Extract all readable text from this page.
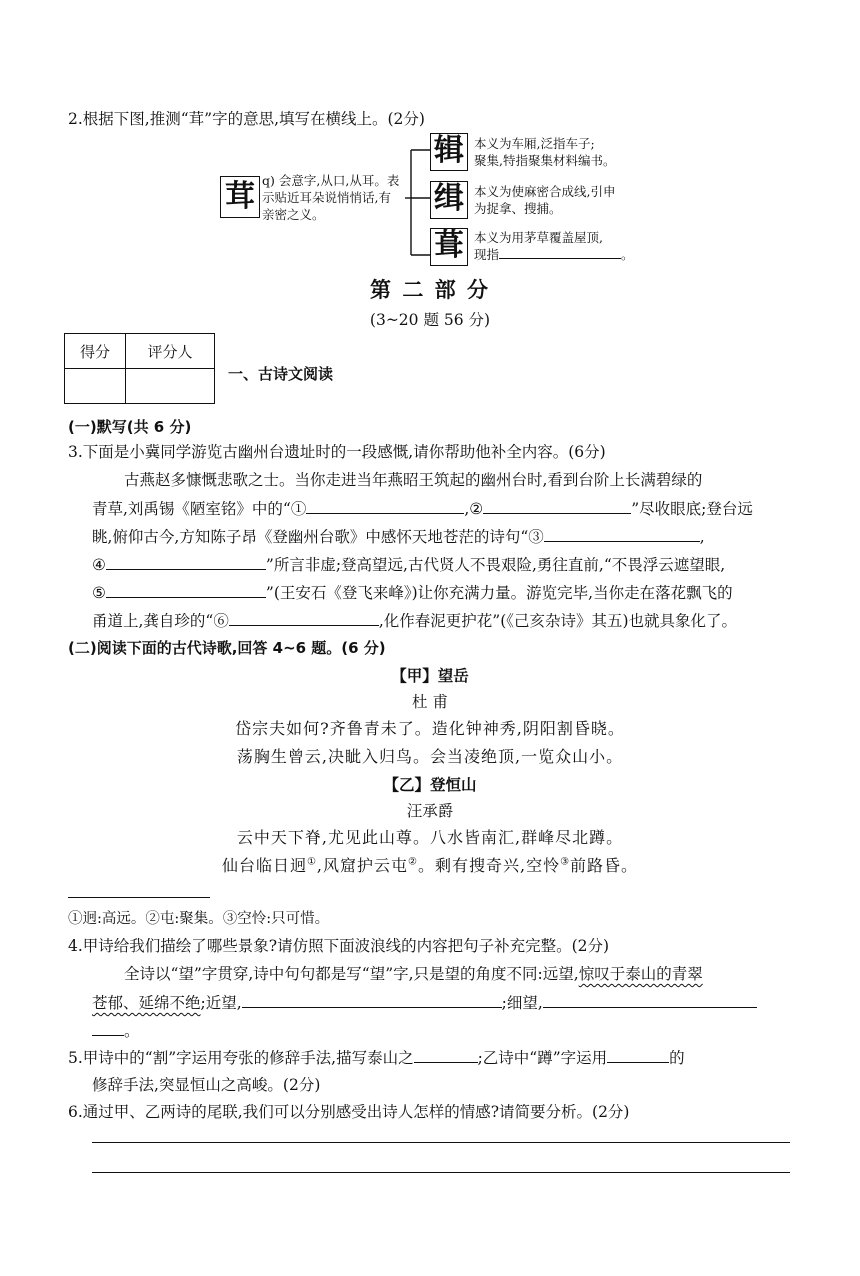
2.根据下图,推测“茸”字的意思,填写在横线上。(2分)
茸 q) 会意字,从口,从耳。表
示贴近耳朵说悄悄话,有
亲密之义。
辑 本义为车厢,泛指车子;
聚集,特指聚集材料编书。
缉 本义为使麻密合成线,引申
为捉拿、搜捕。
葺 本义为用茅草覆盖屋顶,
现指	。
第 二 部 分
(3~20 题 56 分)
得分	评分人

一、古诗文阅读
(一)默写(共 6 分)
3.下面是小冀同学游览古幽州台遗址时的一段感慨,请你帮助他补全内容。(6分)
古燕赵多慷慨悲歌之士。当你走进当年燕昭王筑起的幽州台时,看到台阶上长满碧绿的
青草,刘禹锡《陋室铭》中的“①	,②	”尽收眼底;登台远
眺,俯仰古今,方知陈子昂《登幽州台歌》中感怀天地苍茫的诗句“③	,
④	”所言非虚;登高望远,古代贤人不畏艰险,勇往直前,“不畏浮云遮望眼,
⑤	”(王安石《登飞来峰》)让你充满力量。游览完毕,当你走在落花飘飞的
甬道上,龚自珍的“⑥	,化作春泥更护花”(《己亥杂诗》其五)也就具象化了。
(二)阅读下面的古代诗歌,回答 4~6 题。(6 分)
【甲】望岳
杜 甫
岱宗夫如何?齐鲁青未了。造化钟神秀,阴阳割昏晓。
荡胸生曾云,决眦入归鸟。会当凌绝顶,一览众山小。
【乙】登恒山
汪承爵
云中天下脊,尤见此山尊。八水皆南汇,群峰尽北蹲。
仙台临日迥①,风窟护云屯②。剩有搜奇兴,空怜③前路昏。
①迥:高远。②屯:聚集。③空怜:只可惜。
4.甲诗给我们描绘了哪些景象?请仿照下面波浪线的内容把句子补充完整。(2分)
全诗以“望”字贯穿,诗中句句都是写“望”字,只是望的角度不同:远望,惊叹于泰山的青翠
苍郁、延绵不绝;近望,	;细望,
。
5.甲诗中的“割”字运用夸张的修辞手法,描写泰山之	;乙诗中“蹲”字运用	的
修辞手法,突显恒山之高峻。(2分)
6.通过甲、乙两诗的尾联,我们可以分别感受出诗人怎样的情感?请简要分析。(2分)
